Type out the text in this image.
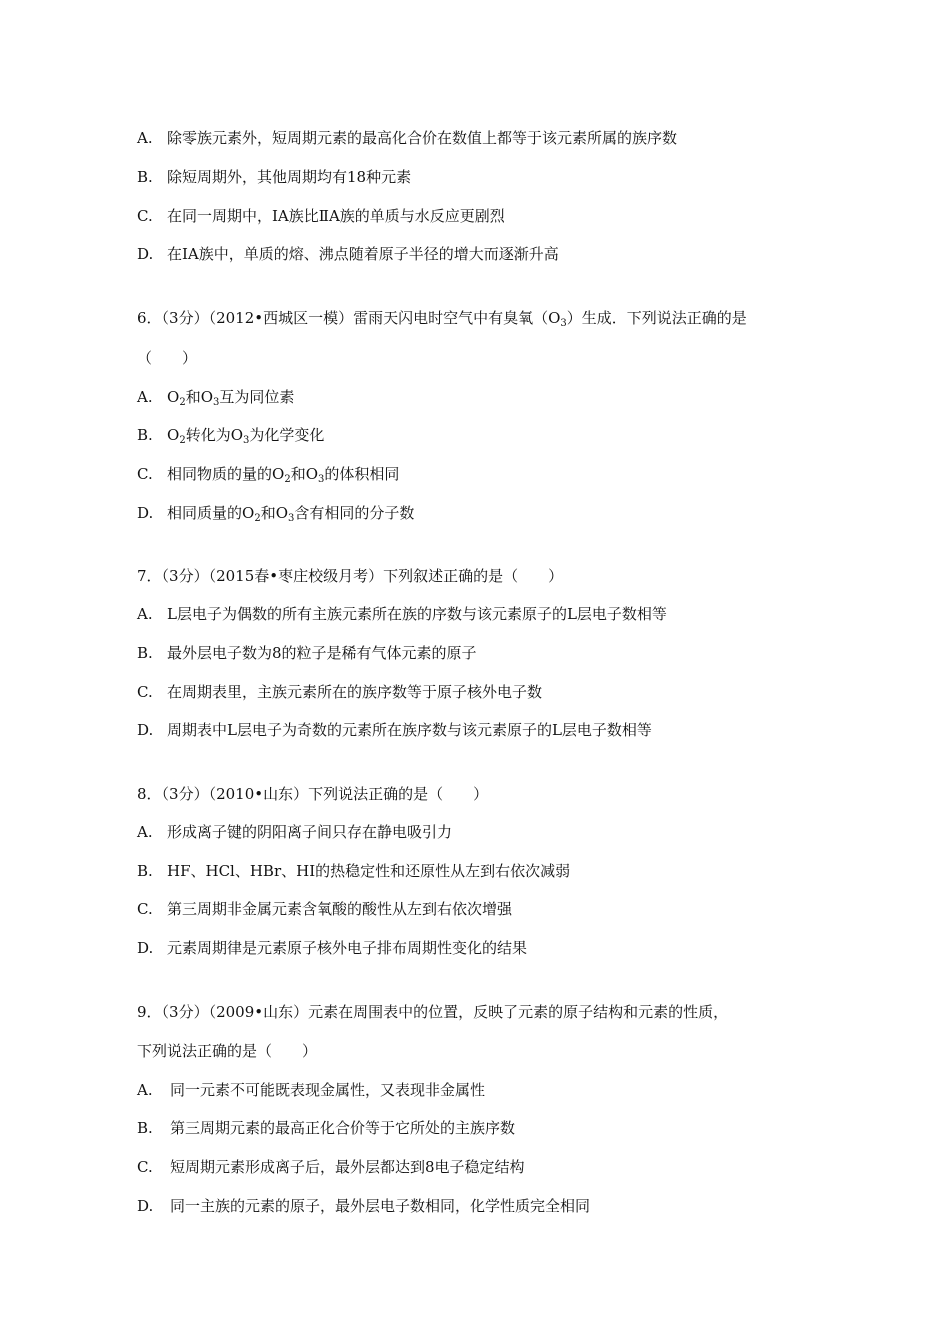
A. 除零族元素外，短周期元素的最高化合价在数值上都等于该元素所属的族序数
B. 除短周期外，其他周期均有18种元素
C. 在同一周期中，ⅠA族比ⅡA族的单质与水反应更剧烈
D. 在ⅠA族中，单质的熔、沸点随着原子半径的增大而逐渐升高
6．（3分）（2012•西城区一模）雷雨天闪电时空气中有臭氧$(O_3)$生成．下列说法正确的是
（　　）
A. $O_2$和$O_3$互为同位素
B. $O_2$转化为$O_3$为化学变化
C. 相同物质的量的$O_2$和$O_3$的体积相同
D. 相同质量的$O_2$和$O_3$含有相同的分子数
7．（3分）（2015春•枣庄校级月考）下列叙述正确的是（　　）
A. L层电子为偶数的所有主族元素所在族的序数与该元素原子的L层电子数相等
B. 最外层电子数为8的粒子是稀有气体元素的原子
C. 在周期表里，主族元素所在的族序数等于原子核外电子数
D. 周期表中L层电子为奇数的元素所在族序数与该元素原子的L层电子数相等
8．（3分）（2010•山东）下列说法正确的是（　　）
A. 形成离子键的阴阳离子间只存在静电吸引力
B. HF、HCl、HBr、HI的热稳定性和还原性从左到右依次减弱
C. 第三周期非金属元素含氧酸的酸性从左到右依次增强
D. 元素周期律是元素原子核外电子排布周期性变化的结果
9．（3分）（2009•山东）元素在周围表中的位置，反映了元素的原子结构和元素的性质，
下列说法正确的是（　　）
A. 同一元素不可能既表现金属性，又表现非金属性
B. 第三周期元素的最高正化合价等于它所处的主族序数
C. 短周期元素形成离子后，最外层都达到8电子稳定结构
D. 同一主族的元素的原子，最外层电子数相同，化学性质完全相同
